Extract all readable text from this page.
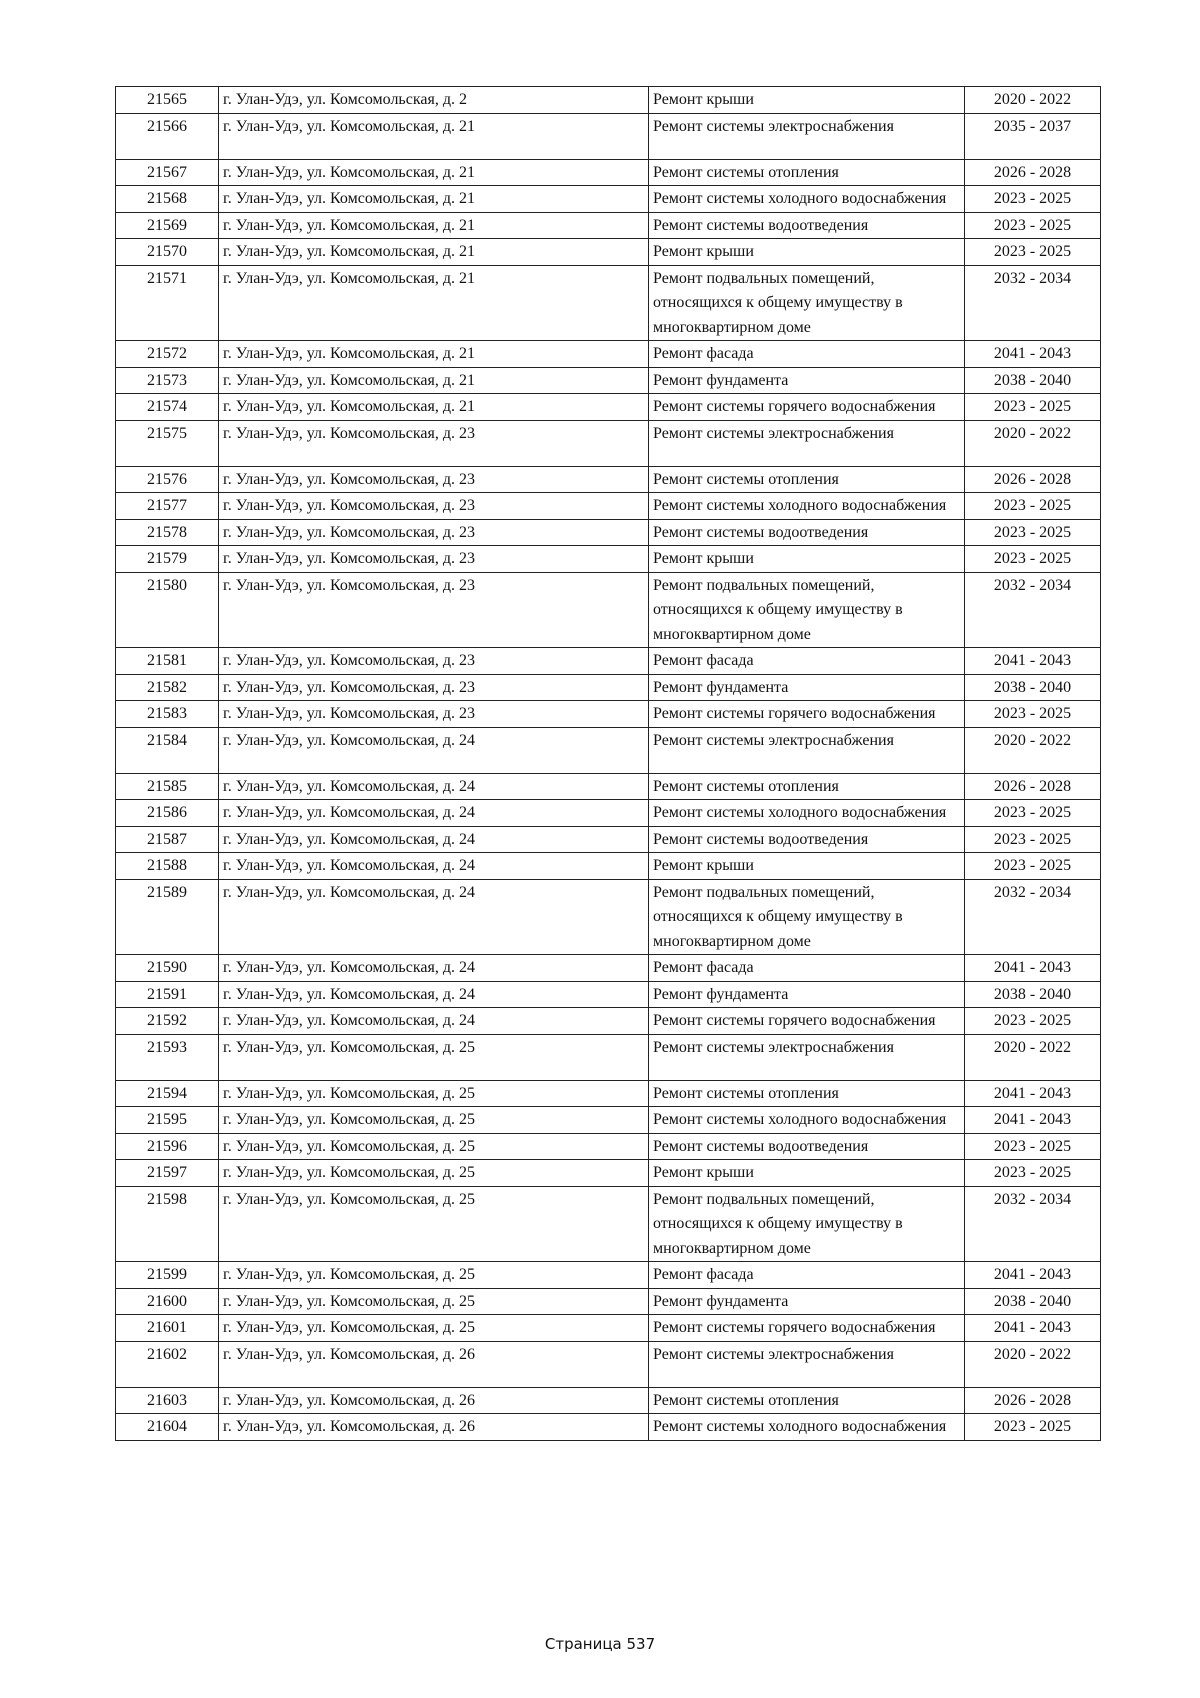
21565	г. Улан-Удэ, ул. Комсомольская, д. 2	Ремонт крыши	2020 - 2022
21566	г. Улан-Удэ, ул. Комсомольская, д. 21	Ремонт системы электроснабжения	2035 - 2037
21567	г. Улан-Удэ, ул. Комсомольская, д. 21	Ремонт системы отопления	2026 - 2028
21568	г. Улан-Удэ, ул. Комсомольская, д. 21	Ремонт системы холодного водоснабжения	2023 - 2025
21569	г. Улан-Удэ, ул. Комсомольская, д. 21	Ремонт системы водоотведения	2023 - 2025
21570	г. Улан-Удэ, ул. Комсомольская, д. 21	Ремонт крыши	2023 - 2025
21571	г. Улан-Удэ, ул. Комсомольская, д. 21	Ремонт подвальных помещений, относящихся к общему имуществу в многоквартирном доме	2032 - 2034
21572	г. Улан-Удэ, ул. Комсомольская, д. 21	Ремонт фасада	2041 - 2043
21573	г. Улан-Удэ, ул. Комсомольская, д. 21	Ремонт фундамента	2038 - 2040
21574	г. Улан-Удэ, ул. Комсомольская, д. 21	Ремонт системы горячего водоснабжения	2023 - 2025
21575	г. Улан-Удэ, ул. Комсомольская, д. 23	Ремонт системы электроснабжения	2020 - 2022
21576	г. Улан-Удэ, ул. Комсомольская, д. 23	Ремонт системы отопления	2026 - 2028
21577	г. Улан-Удэ, ул. Комсомольская, д. 23	Ремонт системы холодного водоснабжения	2023 - 2025
21578	г. Улан-Удэ, ул. Комсомольская, д. 23	Ремонт системы водоотведения	2023 - 2025
21579	г. Улан-Удэ, ул. Комсомольская, д. 23	Ремонт крыши	2023 - 2025
21580	г. Улан-Удэ, ул. Комсомольская, д. 23	Ремонт подвальных помещений, относящихся к общему имуществу в многоквартирном доме	2032 - 2034
21581	г. Улан-Удэ, ул. Комсомольская, д. 23	Ремонт фасада	2041 - 2043
21582	г. Улан-Удэ, ул. Комсомольская, д. 23	Ремонт фундамента	2038 - 2040
21583	г. Улан-Удэ, ул. Комсомольская, д. 23	Ремонт системы горячего водоснабжения	2023 - 2025
21584	г. Улан-Удэ, ул. Комсомольская, д. 24	Ремонт системы электроснабжения	2020 - 2022
21585	г. Улан-Удэ, ул. Комсомольская, д. 24	Ремонт системы отопления	2026 - 2028
21586	г. Улан-Удэ, ул. Комсомольская, д. 24	Ремонт системы холодного водоснабжения	2023 - 2025
21587	г. Улан-Удэ, ул. Комсомольская, д. 24	Ремонт системы водоотведения	2023 - 2025
21588	г. Улан-Удэ, ул. Комсомольская, д. 24	Ремонт крыши	2023 - 2025
21589	г. Улан-Удэ, ул. Комсомольская, д. 24	Ремонт подвальных помещений, относящихся к общему имуществу в многоквартирном доме	2032 - 2034
21590	г. Улан-Удэ, ул. Комсомольская, д. 24	Ремонт фасада	2041 - 2043
21591	г. Улан-Удэ, ул. Комсомольская, д. 24	Ремонт фундамента	2038 - 2040
21592	г. Улан-Удэ, ул. Комсомольская, д. 24	Ремонт системы горячего водоснабжения	2023 - 2025
21593	г. Улан-Удэ, ул. Комсомольская, д. 25	Ремонт системы электроснабжения	2020 - 2022
21594	г. Улан-Удэ, ул. Комсомольская, д. 25	Ремонт системы отопления	2041 - 2043
21595	г. Улан-Удэ, ул. Комсомольская, д. 25	Ремонт системы холодного водоснабжения	2041 - 2043
21596	г. Улан-Удэ, ул. Комсомольская, д. 25	Ремонт системы водоотведения	2023 - 2025
21597	г. Улан-Удэ, ул. Комсомольская, д. 25	Ремонт крыши	2023 - 2025
21598	г. Улан-Удэ, ул. Комсомольская, д. 25	Ремонт подвальных помещений, относящихся к общему имуществу в многоквартирном доме	2032 - 2034
21599	г. Улан-Удэ, ул. Комсомольская, д. 25	Ремонт фасада	2041 - 2043
21600	г. Улан-Удэ, ул. Комсомольская, д. 25	Ремонт фундамента	2038 - 2040
21601	г. Улан-Удэ, ул. Комсомольская, д. 25	Ремонт системы горячего водоснабжения	2041 - 2043
21602	г. Улан-Удэ, ул. Комсомольская, д. 26	Ремонт системы электроснабжения	2020 - 2022
21603	г. Улан-Удэ, ул. Комсомольская, д. 26	Ремонт системы отопления	2026 - 2028
21604	г. Улан-Удэ, ул. Комсомольская, д. 26	Ремонт системы холодного водоснабжения	2023 - 2025
Страница 537
